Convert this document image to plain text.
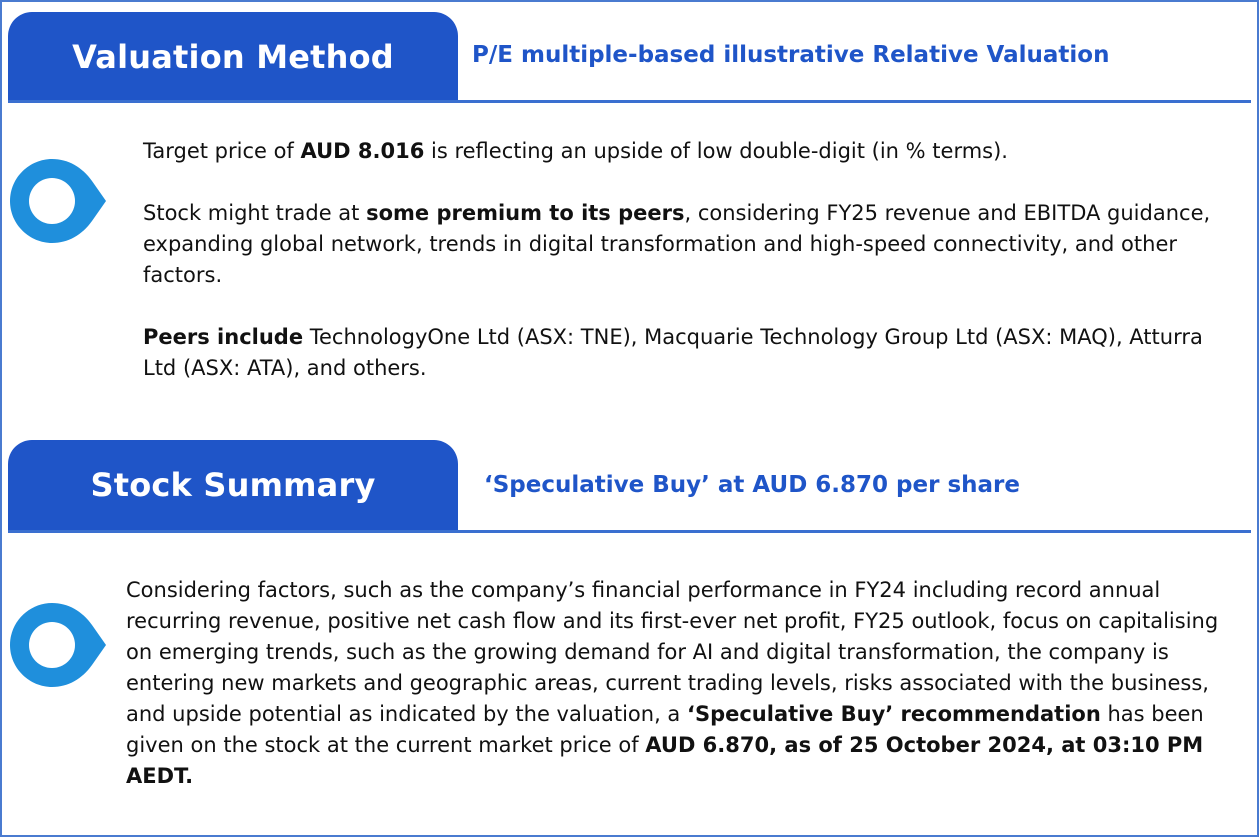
Valuation Method	P/E multiple-based illustrative Relative Valuation

Target price of AUD 8.016 is reflecting an upside of low double-digit (in % terms).

Stock might trade at some premium to its peers, considering FY25 revenue and EBITDA guidance, expanding global network, trends in digital transformation and high-speed connectivity, and other factors.

Peers include TechnologyOne Ltd (ASX: TNE), Macquarie Technology Group Ltd (ASX: MAQ), Atturra Ltd (ASX: ATA), and others.

Stock Summary	‘Speculative Buy’ at AUD 6.870 per share

Considering factors, such as the company’s financial performance in FY24 including record annual recurring revenue, positive net cash flow and its first-ever net profit, FY25 outlook, focus on capitalising on emerging trends, such as the growing demand for AI and digital transformation, the company is entering new markets and geographic areas, current trading levels, risks associated with the business, and upside potential as indicated by the valuation, a ‘Speculative Buy’ recommendation has been given on the stock at the current market price of AUD 6.870, as of 25 October 2024, at 03:10 PM AEDT.
